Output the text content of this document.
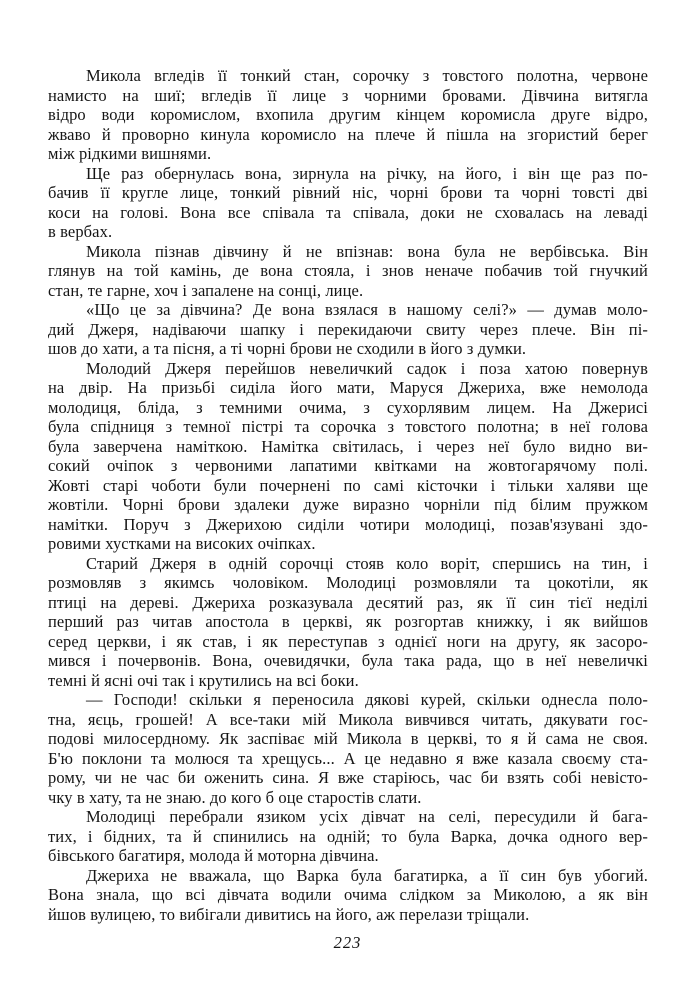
Микола вгледів її тонкий стан, сорочку з товстого полотна, червоне
намисто на шиї; вгледів її лице з чорними бровами. Дівчина витягла
відро води коромислом, вхопила другим кінцем коромисла друге відро,
жваво й проворно кинула коромисло на плече й пішла на згористий берег
між рідкими вишнями.
Ще раз обернулась вона, зирнула на річку, на його, і він ще раз по-
бачив її кругле лице, тонкий рівний ніс, чорні брови та чорні товсті дві
коси на голові. Вона все співала та співала, доки не сховалась на леваді
в вербах.
Микола пізнав дівчину й не впізнав: вона була не вербівська. Він
глянув на той камінь, де вона стояла, і знов неначе побачив той гнучкий
стан, те гарне, хоч і запалене на сонці, лице.
«Що це за дівчина? Де вона взялася в нашому селі?» — думав моло-
дий Джеря, надіваючи шапку і перекидаючи свиту через плече. Він пі-
шов до хати, а та пісня, а ті чорні брови не сходили в його з думки.
Молодий Джеря перейшов невеличкий садок і поза хатою повернув
на двір. На призьбі сиділа його мати, Маруся Джериха, вже немолода
молодиця, бліда, з темними очима, з сухорлявим лицем. На Джерисі
була спідниця з темної пістрі та сорочка з товстого полотна; в неї голова
була заверчена наміткою. Намітка світилась, і через неї було видно ви-
сокий очіпок з червоними лапатими квітками на жовтогарячому полі.
Жовті старі чоботи були почернені по самі кісточки і тільки халяви ще
жовтіли. Чорні брови здалеки дуже виразно чорніли під білим пружком
намітки. Поруч з Джерихою сиділи чотири молодиці, позав'язувані здо-
ровими хустками на високих очіпках.
Старий Джеря в одній сорочці стояв коло воріт, спершись на тин, і
розмовляв з якимсь чоловіком. Молодиці розмовляли та цокотіли, як
птиці на дереві. Джериха розказувала десятий раз, як її син тієї неділі
перший раз читав апостола в церкві, як розгортав книжку, і як вийшов
серед церкви, і як став, і як переступав з однієї ноги на другу, як засоро-
мився і почервонів. Вона, очевидячки, була така рада, що в неї невеличкі
темні й ясні очі так і крутились на всі боки.
— Господи! скільки я переносила дякові курей, скільки однесла поло-
тна, яєць, грошей! А все-таки мій Микола вивчився читать, дякувати гос-
подові милосердному. Як заспіває мій Микола в церкві, то я й сама не своя.
Б'ю поклони та молюся та хрещусь... А це недавно я вже казала своєму ста-
рому, чи не час би оженить сина. Я вже старіюсь, час би взять собі невісто-
чку в хату, та не знаю. до кого б оце старостів слати.
Молодиці перебрали язиком усіх дівчат на селі, пересудили й бага-
тих, і бідних, та й спинились на одній; то була Варка, дочка одного вер-
бівського багатиря, молода й моторна дівчина.
Джериха не вважала, що Варка була багатирка, а її син був убогий.
Вона знала, що всі дівчата водили очима слідком за Миколою, а як він
йшов вулицею, то вибігали дивитись на його, аж перелази тріщали.
223
